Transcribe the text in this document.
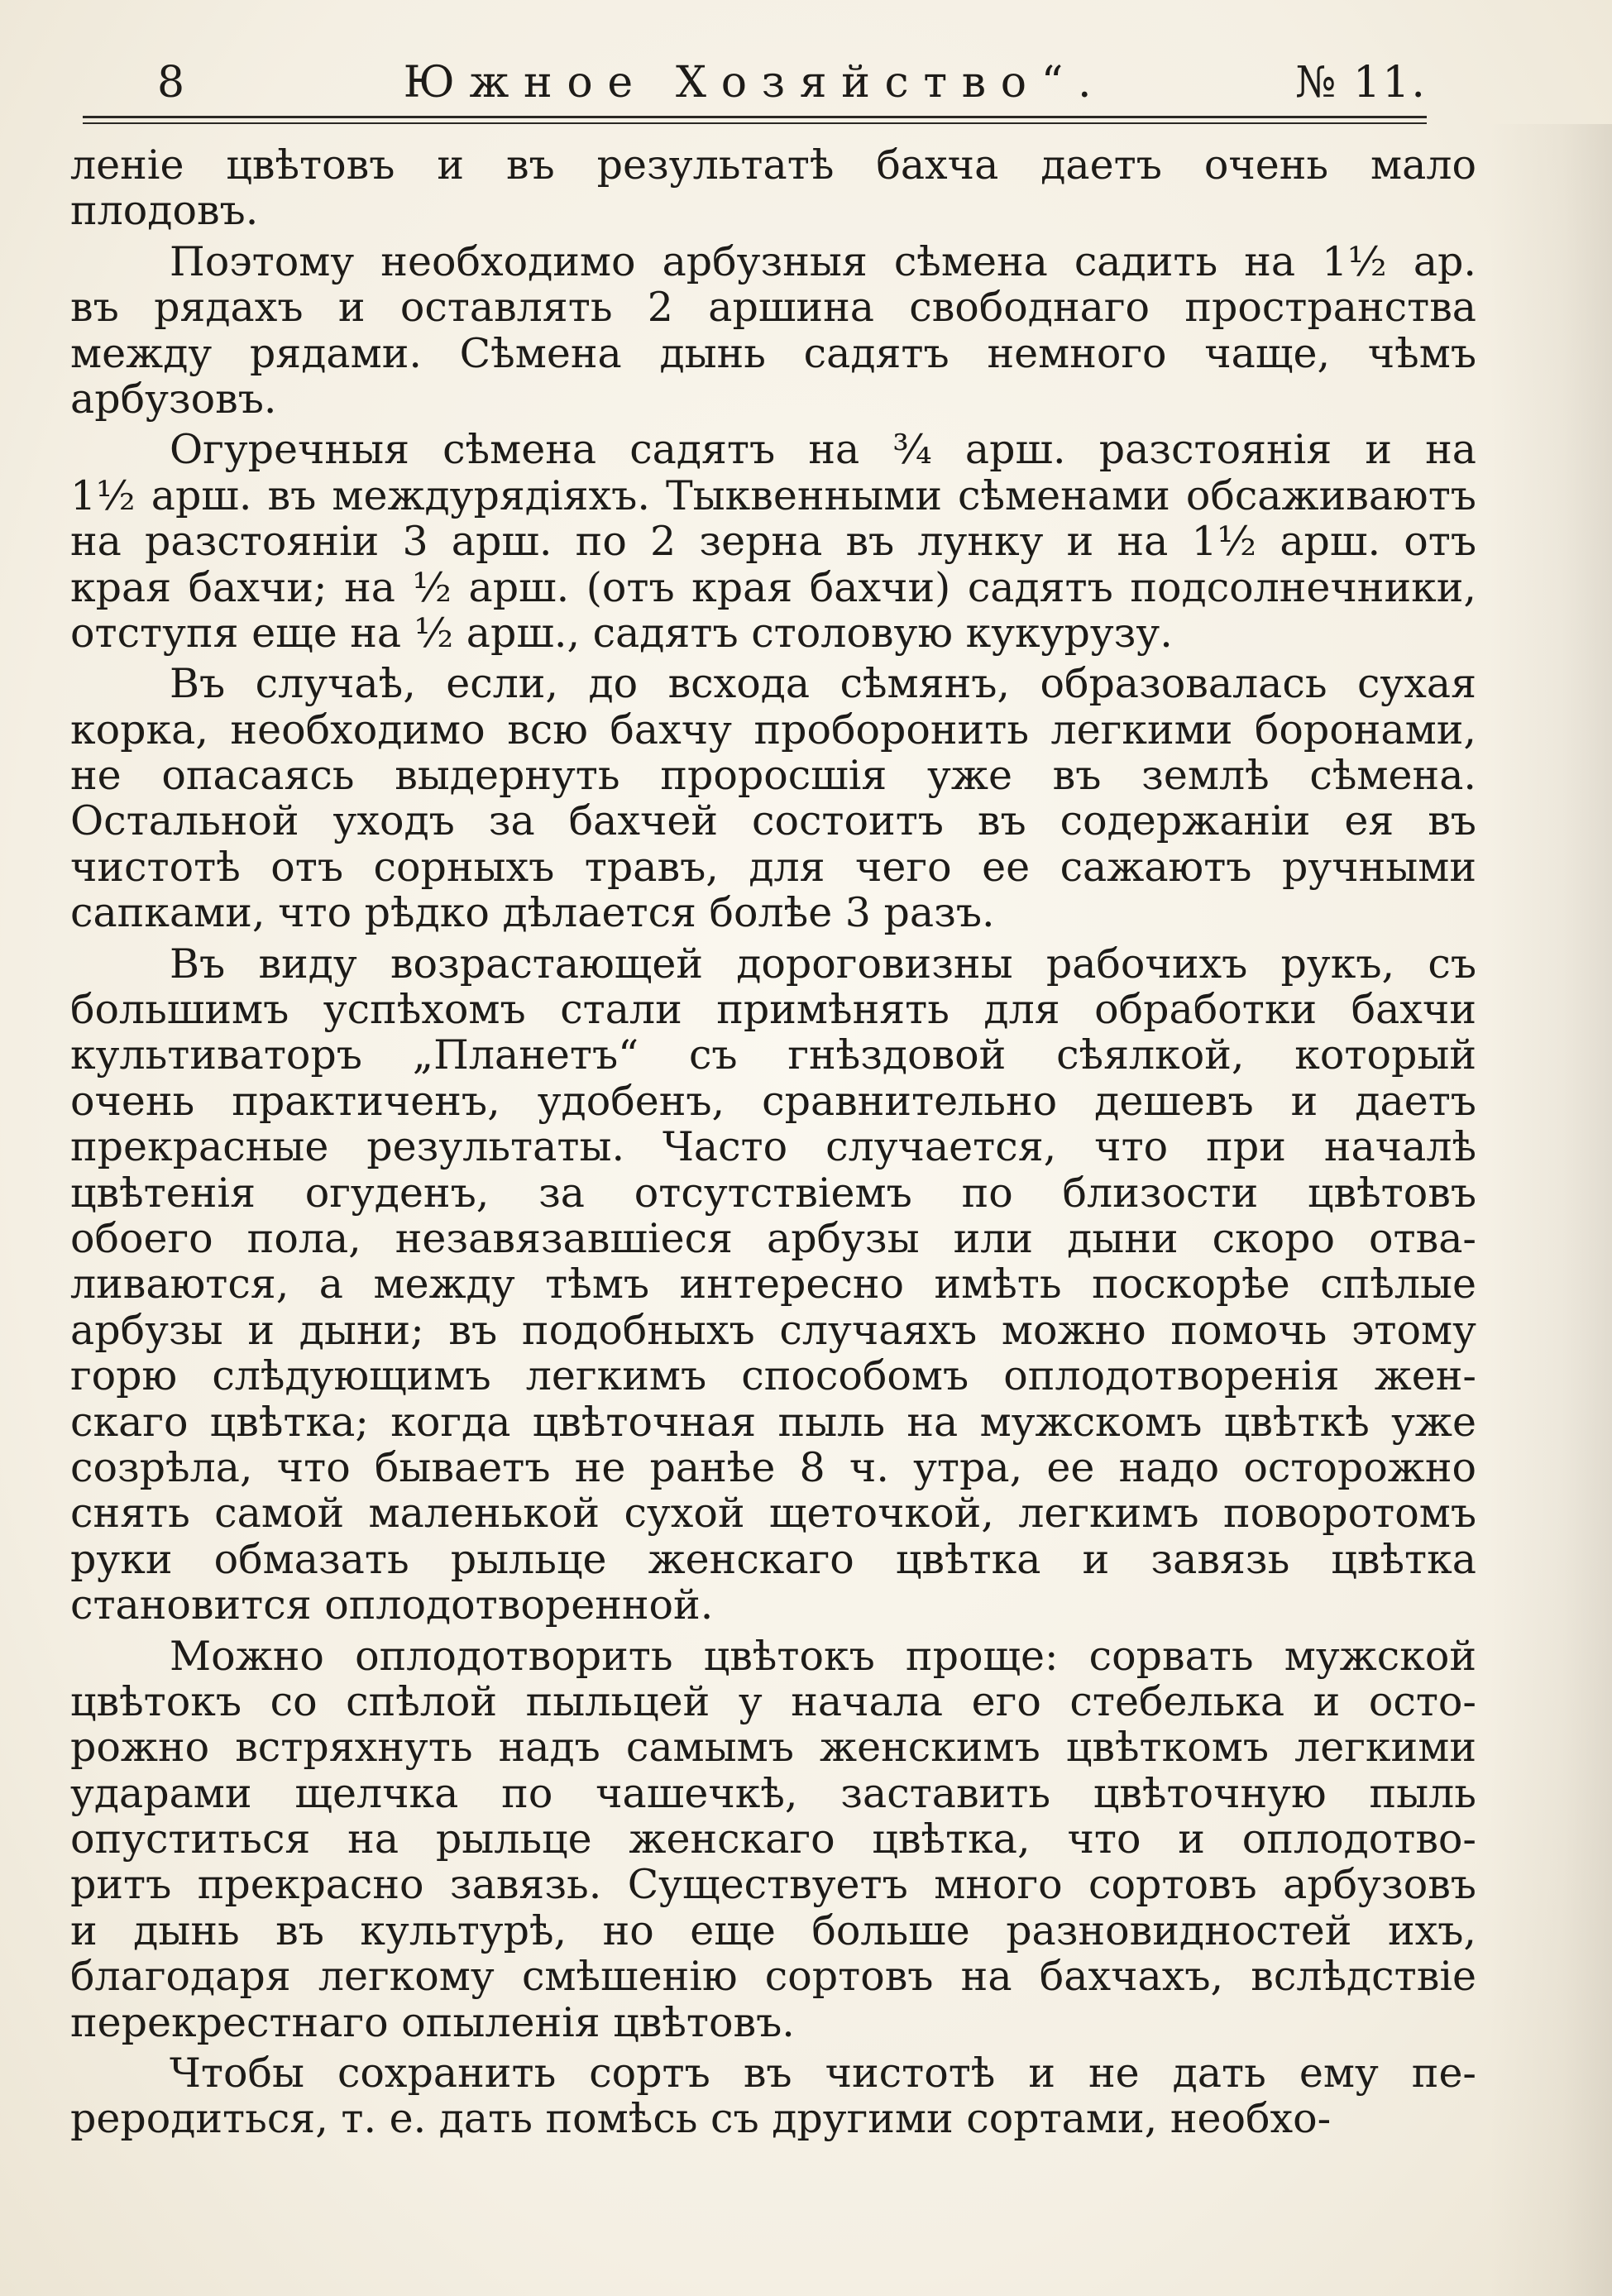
8	Южное Хозяйство“.	№ 11.
леніе цвѣтовъ и въ результатѣ бахча даетъ очень мало
плодовъ.
Поэтому необходимо арбузныя сѣмена садить на 1½ ар.
въ рядахъ и оставлять 2 аршина свободнаго пространства
между рядами. Сѣмена дынь садятъ немного чаще, чѣмъ
арбузовъ.
Огуречныя сѣмена садятъ на ¾ арш. разстоянія и на
1½ арш. въ междурядіяхъ. Тыквенными сѣменами обсаживаютъ
на разстояніи 3 арш. по 2 зерна въ лунку и на 1½ арш. отъ
края бахчи; на ½ арш. (отъ края бахчи) садятъ подсолнечники,
отступя еще на ½ арш., садятъ столовую кукурузу.
Въ случаѣ, если, до всхода сѣмянъ, образовалась сухая
корка, необходимо всю бахчу проборонить легкими боронами,
не опасаясь выдернуть проросшія уже въ землѣ сѣмена.
Остальной уходъ за бахчей состоитъ въ содержаніи ея въ
чистотѣ отъ сорныхъ травъ, для чего ее сажаютъ ручными
сапками, что рѣдко дѣлается болѣе 3 разъ.
Въ виду возрастающей дороговизны рабочихъ рукъ, съ
большимъ успѣхомъ стали примѣнять для обработки бахчи
культиваторъ „Планетъ“ съ гнѣздовой сѣялкой, который
очень практиченъ, удобенъ, сравнительно дешевъ и даетъ
прекрасные результаты. Часто случается, что при началѣ
цвѣтенія огуденъ, за отсутствіемъ по близости цвѣтовъ
обоего пола, незавязавшіеся арбузы или дыни скоро отва-
ливаются, а между тѣмъ интересно имѣть поскорѣе спѣлые
арбузы и дыни; въ подобныхъ случаяхъ можно помочь этому
горю слѣдующимъ легкимъ способомъ оплодотворенія жен-
скаго цвѣтка; когда цвѣточная пыль на мужскомъ цвѣткѣ уже
созрѣла, что бываетъ не ранѣе 8 ч. утра, ее надо осторожно
снять самой маленькой сухой щеточкой, легкимъ поворотомъ
руки обмазать рыльце женскаго цвѣтка и завязь цвѣтка
становится оплодотворенной.
Можно оплодотворить цвѣтокъ проще: сорвать мужской
цвѣтокъ со спѣлой пыльцей у начала его стебелька и осто-
рожно встряхнуть надъ самымъ женскимъ цвѣткомъ легкими
ударами щелчка по чашечкѣ, заставить цвѣточную пыль
опуститься на рыльце женскаго цвѣтка, что и оплодотво-
ритъ прекрасно завязь. Существуетъ много сортовъ арбузовъ
и дынь въ культурѣ, но еще больше разновидностей ихъ,
благодаря легкому смѣшенію сортовъ на бахчахъ, вслѣдствіе
перекрестнаго опыленія цвѣтовъ.
Чтобы сохранить сортъ въ чистотѣ и не дать ему пе-
реродиться, т. е. дать помѣсь съ другими сортами, необхо-
